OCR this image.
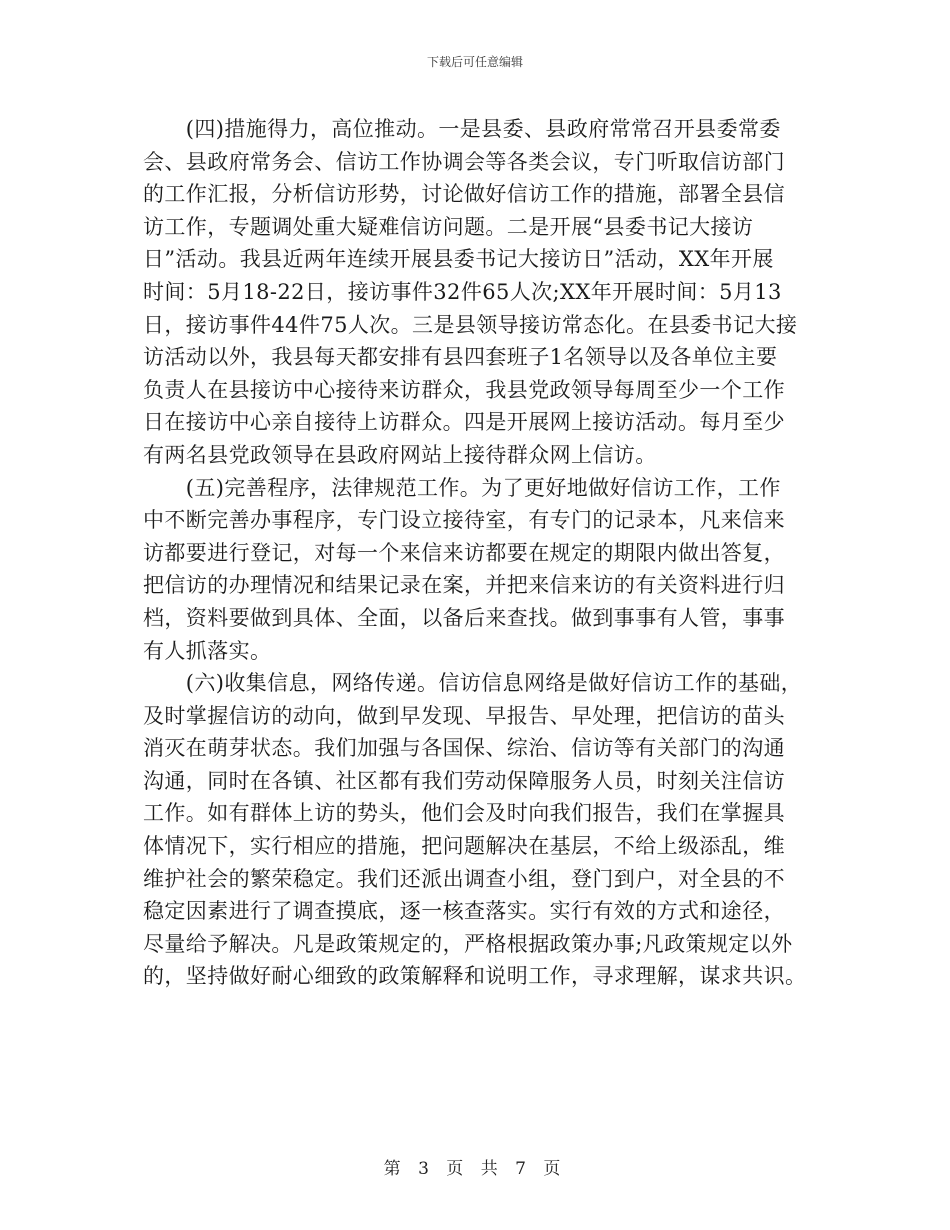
下载后可任意编辑
　　(四)措施得力，高位推动。一是县委、县政府常常召开县委常委
会、县政府常务会、信访工作协调会等各类会议，专门听取信访部门
的工作汇报，分析信访形势，讨论做好信访工作的措施，部署全县信
访工作，专题调处重大疑难信访问题。二是开展“县委书记大接访
日”活动。我县近两年连续开展县委书记大接访日”活动，XX年开展
时间：5月18-22日，接访事件32件65人次;XX年开展时间：5月13
日，接访事件44件75人次。三是县领导接访常态化。在县委书记大接
访活动以外，我县每天都安排有县四套班子1名领导以及各单位主要
负责人在县接访中心接待来访群众，我县党政领导每周至少一个工作
日在接访中心亲自接待上访群众。四是开展网上接访活动。每月至少
有两名县党政领导在县政府网站上接待群众网上信访。
　　(五)完善程序，法律规范工作。为了更好地做好信访工作，工作
中不断完善办事程序，专门设立接待室，有专门的记录本，凡来信来
访都要进行登记，对每一个来信来访都要在规定的期限内做出答复，
把信访的办理情况和结果记录在案，并把来信来访的有关资料进行归
档，资料要做到具体、全面，以备后来查找。做到事事有人管，事事
有人抓落实。
　　(六)收集信息，网络传递。信访信息网络是做好信访工作的基础，
及时掌握信访的动向，做到早发现、早报告、早处理，把信访的苗头
消灭在萌芽状态。我们加强与各国保、综治、信访等有关部门的沟通
沟通，同时在各镇、社区都有我们劳动保障服务人员，时刻关注信访
工作。如有群体上访的势头，他们会及时向我们报告，我们在掌握具
体情况下，实行相应的措施，把问题解决在基层，不给上级添乱，维
维护社会的繁荣稳定。我们还派出调查小组，登门到户，对全县的不
稳定因素进行了调查摸底，逐一核查落实。实行有效的方式和途径，
尽量给予解决。凡是政策规定的，严格根据政策办事;凡政策规定以外
的，坚持做好耐心细致的政策解释和说明工作，寻求理解，谋求共识。
第 3 页 共 7 页
